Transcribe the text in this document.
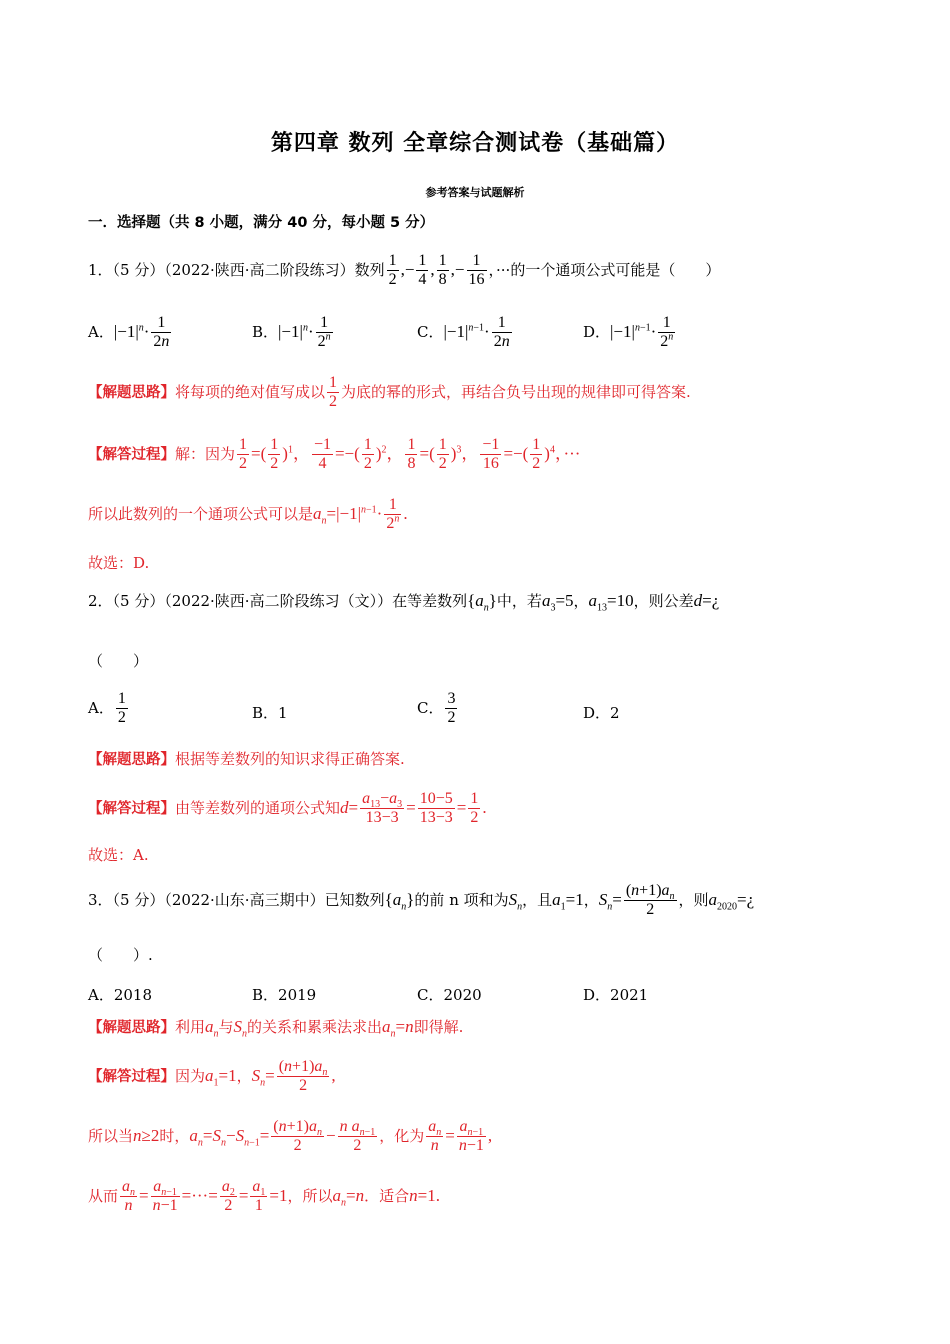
第四章 数列 全章综合测试卷（基础篇）
参考答案与试题解析
一．选择题（共 8 小题，满分 40 分，每小题 5 分）
1．（5 分）（2022·陕西·高二阶段练习）数列 $\frac{1}{2}$ ,− $\frac{1}{4}$ , $\frac{1}{8}$ ,− $\frac{1}{16}$ ，···的一个通项公式可能是（　　）
A．$|-1|^n\cdot \frac{1}{2n}$	B．$|-1|^n\cdot \frac{1}{2^n}$	C．$|-1|^{n-1}\cdot \frac{1}{2n}$	D．$|-1|^{n-1}\cdot \frac{1}{2^n}$
【解题思路】将每项的绝对值写成以 $\frac{1}{2}$ 为底的幂的形式，再结合负号出现的规律即可得答案.
【解答过程】解：因为 $\frac{1}{2}$ =( $\frac{1}{2} )^1$， $\frac{-1}{4}$ =−( $\frac{1}{2} )^2$， $\frac{1}{8}$ =( $\frac{1}{2} )^3$， $\frac{-1}{16}$ =−( $\frac{1}{2} )^4$，···
所以此数列的一个通项公式可以是$a_n=|-1|^{n-1}\cdot \frac{1}{2^n}$ .
故选：D.
2．（5 分）（2022·陕西·高二阶段练习（文））在等差数列$\{a_n\}$中，若$a_3=5$，$a_{13}=10$，则公差d=¿
（　　）
A． $\frac{1}{2}$	B．1	C． $\frac{3}{2}$	D．2
【解题思路】根据等差数列的知识求得正确答案.
【解答过程】由等差数列的通项公式知$d= \frac{a_{13}-a_3}{13-3} = \frac{10-5}{13-3} = \frac{1}{2}$ .
故选：A.
3．（5 分）（2022·山东·高三期中）已知数列$\{a_n\}$的前 n 项和为$S_n$，且$a_1=1$，$S_n= \frac{(n+1)a_n}{2}$ ，则$a_{2020}=¿$
（　　）.
A．2018	B．2019	C．2020	D．2021
【解题思路】利用$a_n$与$S_n$的关系和累乘法求出$a_n=n$即得解.
【解答过程】因为$a_1=1$，$S_n= \frac{(n+1)a_n}{2}$ ,
所以当n≥2时，$a_n=S_n-S_{n-1}= \frac{(n+1)a_n}{2} - \frac{n a_{n-1}}{2}$ ，化为 $\frac{a_n}{n} = \frac{a_{n-1}}{n-1}$ ,
从而 $\frac{a_n}{n} = \frac{a_{n-1}}{n-1}$ =···= $\frac{a_2}{2} = \frac{a_1}{1} =1$，所以$a_n=n$．适合n=1.
